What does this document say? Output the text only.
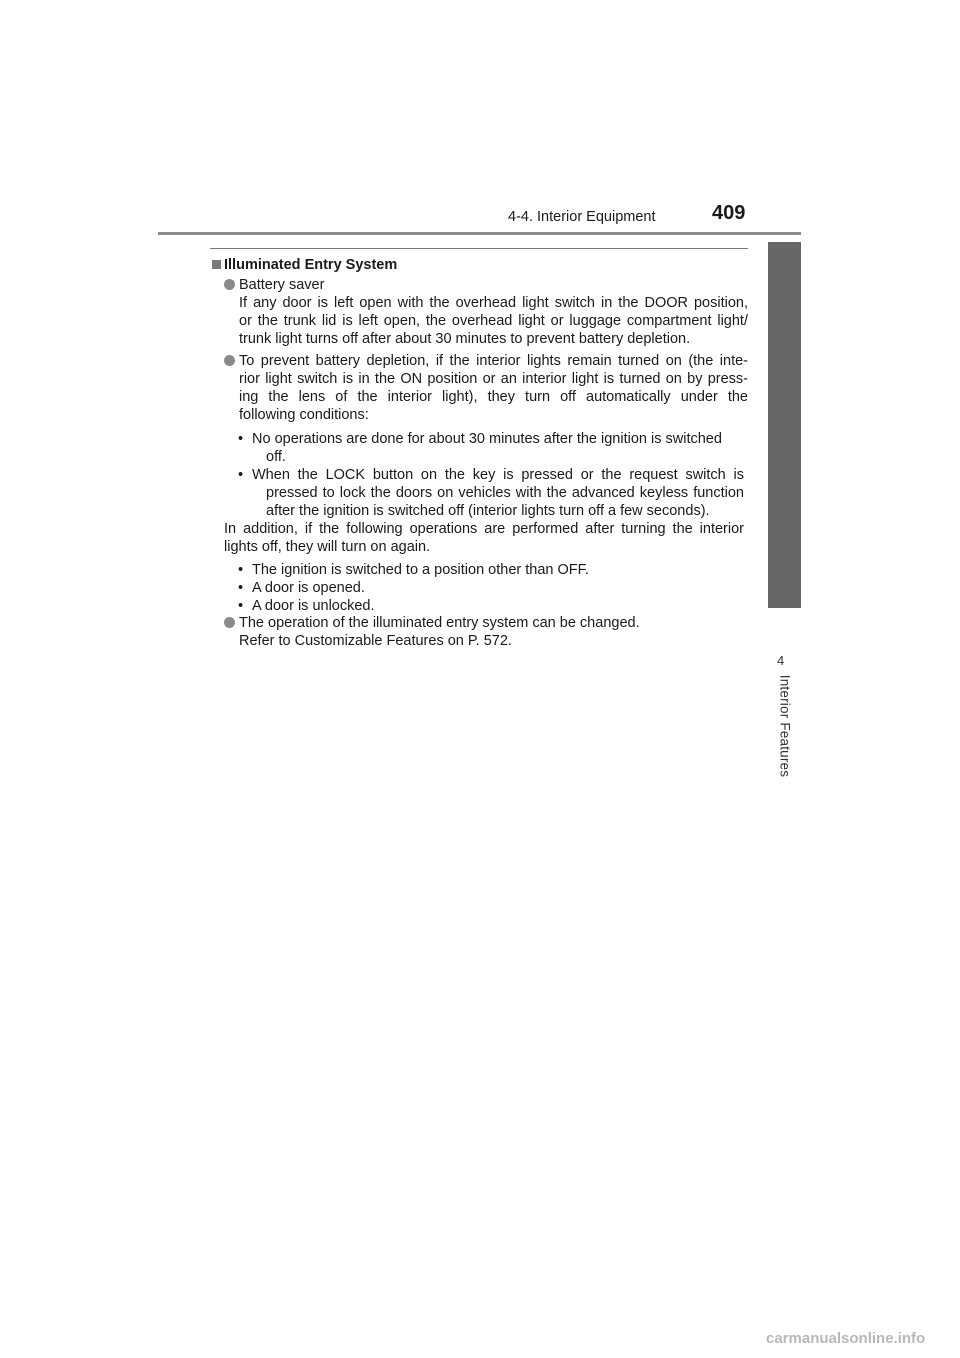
4-4. Interior Equipment	409
4
Interior Features
Illuminated Entry System
Battery saver
If any door is left open with the overhead light switch in the DOOR position,
or the trunk lid is left open, the overhead light or luggage compartment light/
trunk light turns off after about 30 minutes to prevent battery depletion.
To prevent battery depletion, if the interior lights remain turned on (the inte-
rior light switch is in the ON position or an interior light is turned on by press-
ing the lens of the interior light), they turn off automatically under the
following conditions:
• No operations are done for about 30 minutes after the ignition is switched
off.
• When the LOCK button on the key is pressed or the request switch is
pressed to lock the doors on vehicles with the advanced keyless function
after the ignition is switched off (interior lights turn off a few seconds).
In addition, if the following operations are performed after turning the interior
lights off, they will turn on again.
• The ignition is switched to a position other than OFF.
• A door is opened.
• A door is unlocked.
The operation of the illuminated entry system can be changed.
Refer to Customizable Features on P. 572.
carmanualsonline.info
